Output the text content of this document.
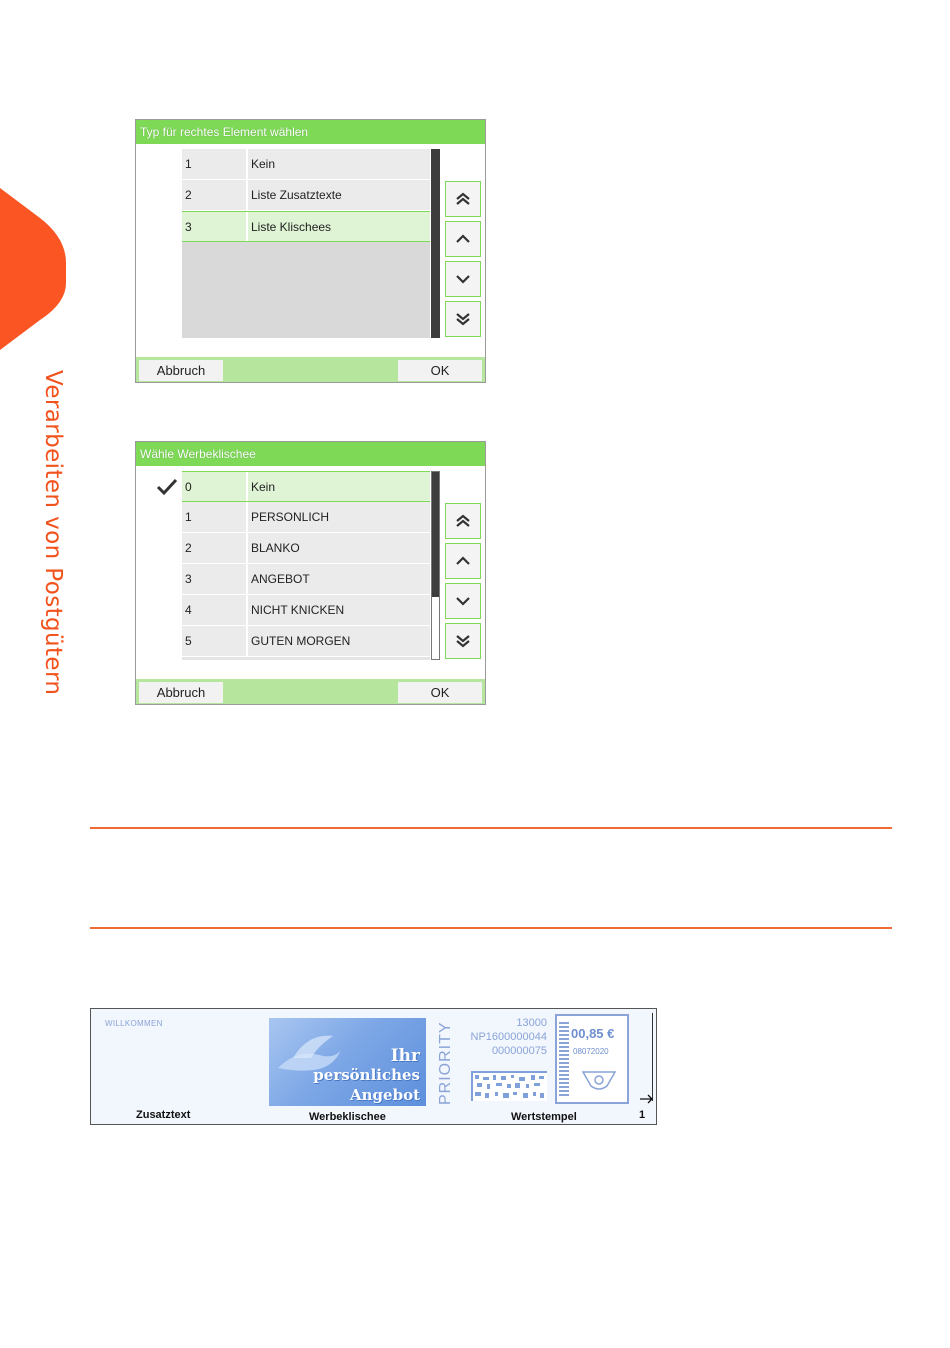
Verarbeiten von Postgütern
Typ für rechtes Element wählen
1	Kein
2	Liste Zusatztexte
3	Liste Klischees
Abbruch	OK
Wähle Werbeklischee
0	Kein
1	PERSONLICH
2	BLANKO
3	ANGEBOT
4	NICHT KNICKEN
5	GUTEN MORGEN
Abbruch	OK
WILLKOMMEN
Ihr
persönliches
Angebot	PRIORITY	13000
NP1600000044
000000075
00,85 €
08072020
Zusatztext	Werbeklischee	Wertstempel	1
